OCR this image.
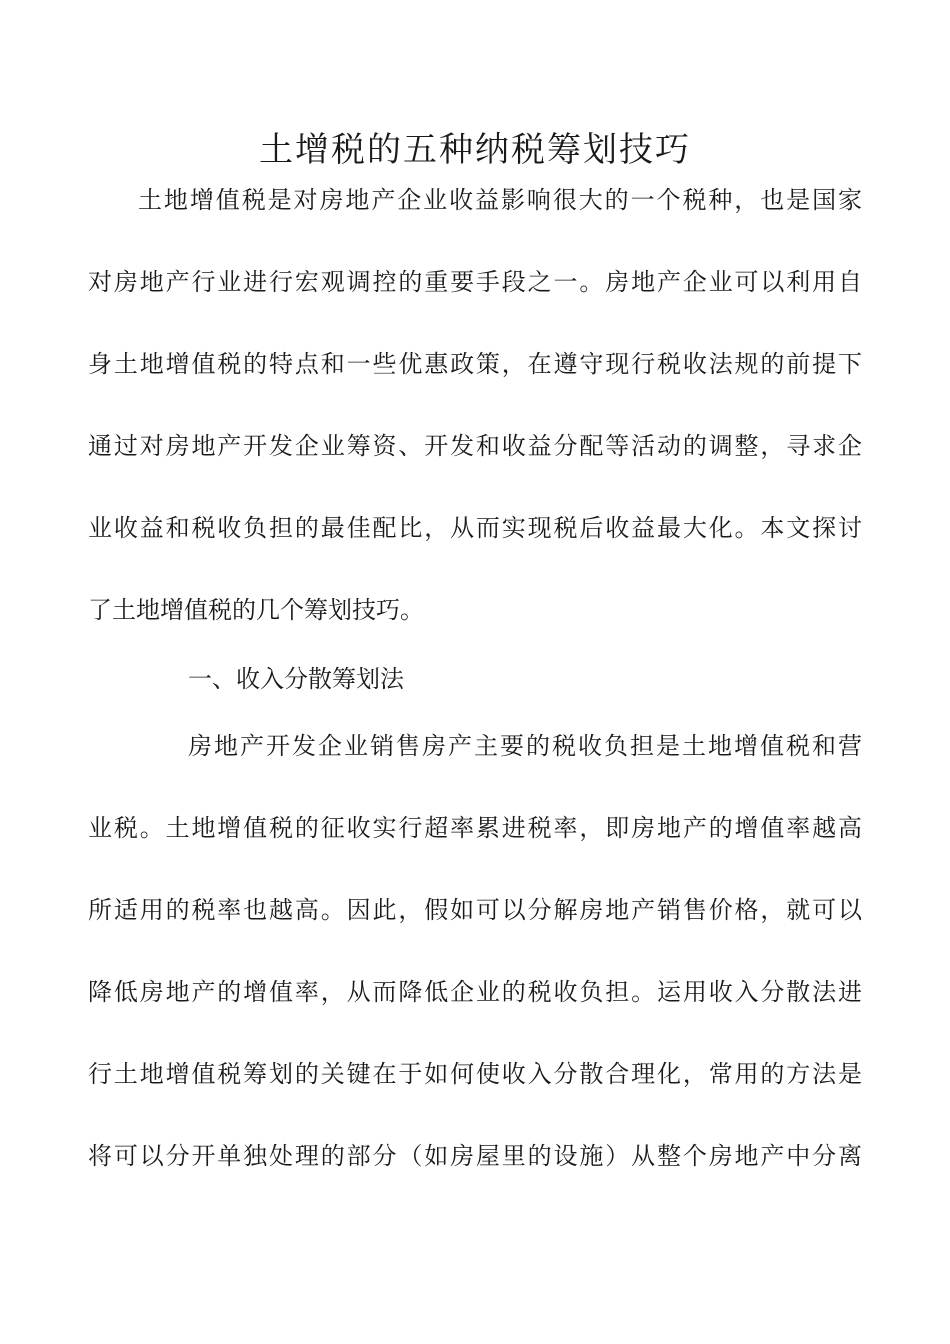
土增税的五种纳税筹划技巧
土地增值税是对房地产企业收益影响很大的一个税种，也是国家
对房地产行业进行宏观调控的重要手段之一。房地产企业可以利用自
身土地增值税的特点和一些优惠政策，在遵守现行税收法规的前提下
通过对房地产开发企业筹资、开发和收益分配等活动的调整，寻求企
业收益和税收负担的最佳配比，从而实现税后收益最大化。本文探讨
了土地增值税的几个筹划技巧。
一、收入分散筹划法
房地产开发企业销售房产主要的税收负担是土地增值税和营
业税。土地增值税的征收实行超率累进税率，即房地产的增值率越高
所适用的税率也越高。因此，假如可以分解房地产销售价格，就可以
降低房地产的增值率，从而降低企业的税收负担。运用收入分散法进
行土地增值税筹划的关键在于如何使收入分散合理化，常用的方法是
将可以分开单独处理的部分（如房屋里的设施）从整个房地产中分离
